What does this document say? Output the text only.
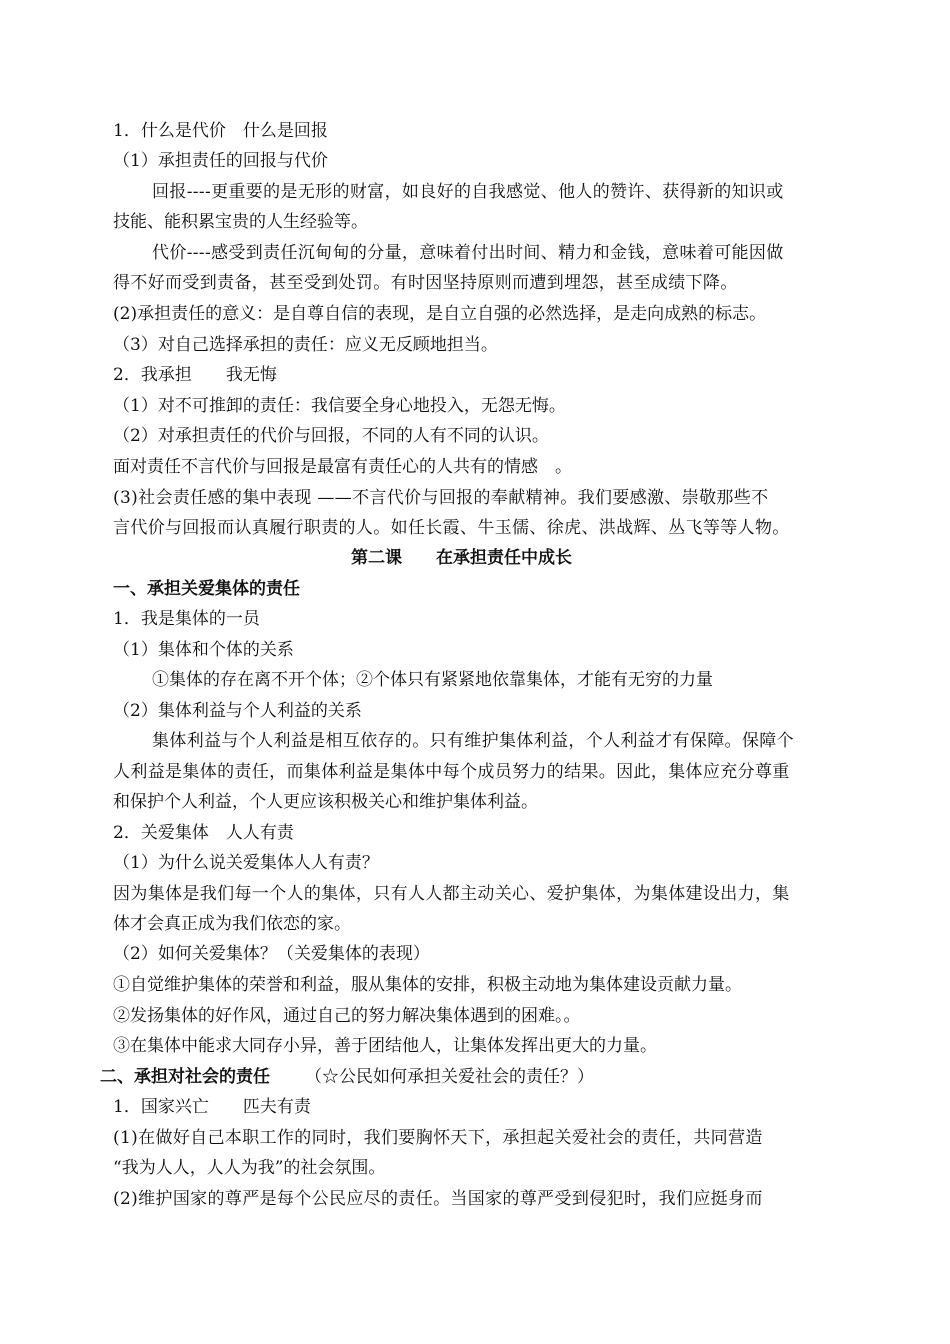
1．什么是代价　什么是回报
（1）承担责任的回报与代价
回报----更重要的是无形的财富，如良好的自我感觉、他人的赞许、获得新的知识或
技能、能积累宝贵的人生经验等。
代价----感受到责任沉甸甸的分量，意味着付出时间、精力和金钱，意味着可能因做
得不好而受到责备，甚至受到处罚。有时因坚持原则而遭到埋怨，甚至成绩下降。
(2)承担责任的意义：是自尊自信的表现，是自立自强的必然选择，是走向成熟的标志。
（3）对自己选择承担的责任：应义无反顾地担当。
2．我承担　　我无悔
（1）对不可推卸的责任：我信要全身心地投入，无怨无悔。
（2）对承担责任的代价与回报，不同的人有不同的认识。
面对责任不言代价与回报是最富有责任心的人共有的情感　。
(3)社会责任感的集中表现 ——不言代价与回报的奉献精神。我们要感激、崇敬那些不
言代价与回报而认真履行职责的人。如任长霞、牛玉儒、徐虎、洪战辉、丛飞等等人物。
第二课　　在承担责任中成长
一、承担关爱集体的责任
1．我是集体的一员
（1）集体和个体的关系
①集体的存在离不开个体；②个体只有紧紧地依靠集体，才能有无穷的力量
（2）集体利益与个人利益的关系
集体利益与个人利益是相互依存的。只有维护集体利益，个人利益才有保障。保障个
人利益是集体的责任，而集体利益是集体中每个成员努力的结果。因此，集体应充分尊重
和保护个人利益，个人更应该积极关心和维护集体利益。
2．关爱集体　人人有责
（1）为什么说关爱集体人人有责？
因为集体是我们每一个人的集体，只有人人都主动关心、爱护集体，为集体建设出力，集
体才会真正成为我们依恋的家。
（2）如何关爱集体？（关爱集体的表现）
①自觉维护集体的荣誉和利益，服从集体的安排，积极主动地为集体建设贡献力量。
②发扬集体的好作风，通过自己的努力解决集体遇到的困难。。
③在集体中能求大同存小异，善于团结他人，让集体发挥出更大的力量。
二、承担对社会的责任 （☆公民如何承担关爱社会的责任？）
1．国家兴亡　　匹夫有责
(1)在做好自己本职工作的同时，我们要胸怀天下，承担起关爱社会的责任，共同营造
“我为人人，人人为我”的社会氛围。
(2)维护国家的尊严是每个公民应尽的责任。当国家的尊严受到侵犯时，我们应挺身而
